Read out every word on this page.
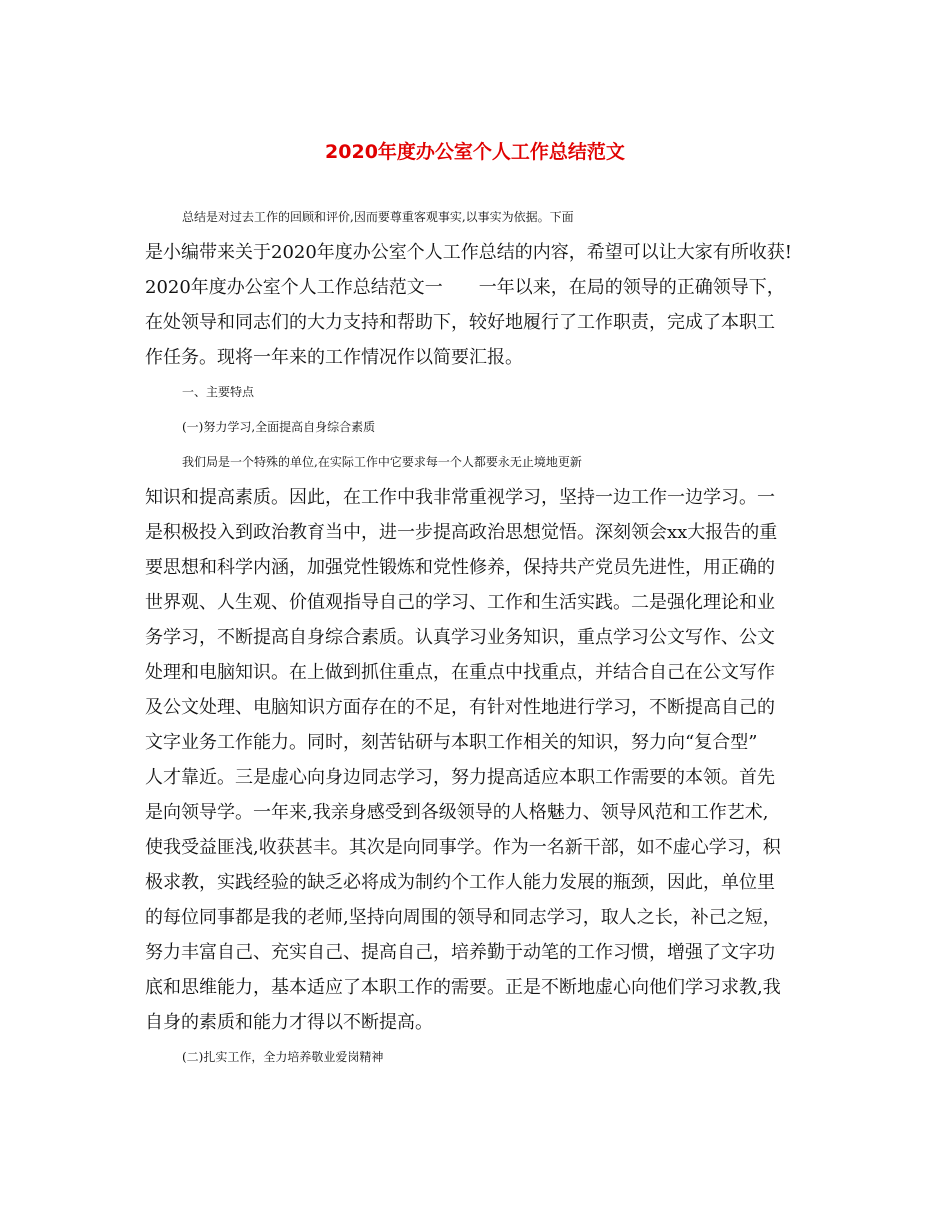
2020年度办公室个人工作总结范文
总结是对过去工作的回顾和评价,因而要尊重客观事实,以事实为依据。下面
是小编带来关于2020年度办公室个人工作总结的内容，希望可以让大家有所收获!
2020年度办公室个人工作总结范文一　　一年以来，在局的领导的正确领导下，
在处领导和同志们的大力支持和帮助下，较好地履行了工作职责，完成了本职工
作任务。现将一年来的工作情况作以简要汇报。
一、主要特点
(一)努力学习,全面提高自身综合素质
我们局是一个特殊的单位,在实际工作中它要求每一个人都要永无止境地更新
知识和提高素质。因此，在工作中我非常重视学习，坚持一边工作一边学习。一
是积极投入到政治教育当中，进一步提高政治思想觉悟。深刻领会xx大报告的重
要思想和科学内涵，加强党性锻炼和党性修养，保持共产党员先进性，用正确的
世界观、人生观、价值观指导自己的学习、工作和生活实践。二是强化理论和业
务学习，不断提高自身综合素质。认真学习业务知识，重点学习公文写作、公文
处理和电脑知识。在上做到抓住重点，在重点中找重点，并结合自己在公文写作
及公文处理、电脑知识方面存在的不足，有针对性地进行学习，不断提高自己的
文字业务工作能力。同时，刻苦钻研与本职工作相关的知识，努力向“复合型”
人才靠近。三是虚心向身边同志学习，努力提高适应本职工作需要的本领。首先
是向领导学。一年来,我亲身感受到各级领导的人格魅力、领导风范和工作艺术,
使我受益匪浅,收获甚丰。其次是向同事学。作为一名新干部，如不虚心学习，积
极求教，实践经验的缺乏必将成为制约个工作人能力发展的瓶颈，因此，单位里
的每位同事都是我的老师,坚持向周围的领导和同志学习，取人之长，补己之短，
努力丰富自己、充实自己、提高自己，培养勤于动笔的工作习惯，增强了文字功
底和思维能力，基本适应了本职工作的需要。正是不断地虚心向他们学习求教,我
自身的素质和能力才得以不断提高。
(二)扎实工作，全力培养敬业爱岗精神
